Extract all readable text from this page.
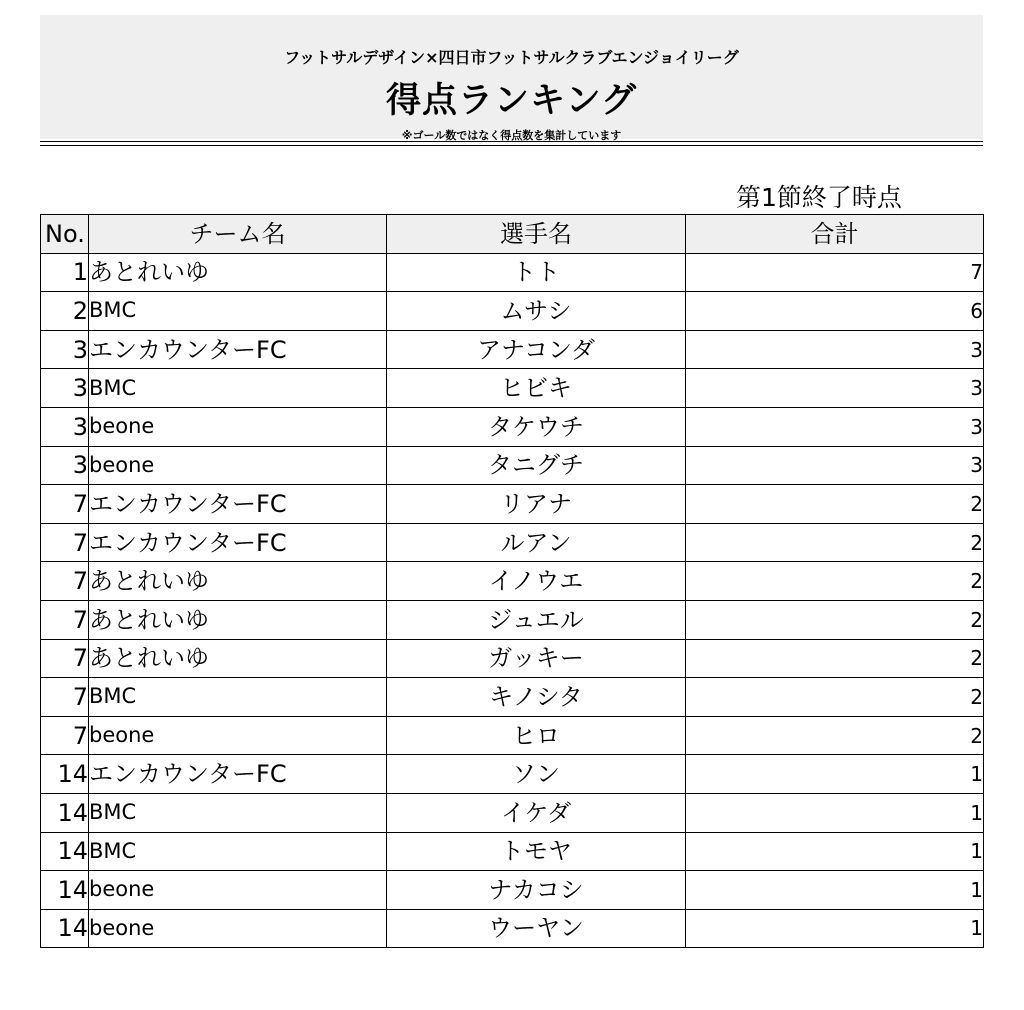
フットサルデザイン×四日市フットサルクラブエンジョイリーグ
得点ランキング
※ゴール数ではなく得点数を集計しています
第1節終了時点
No.	チーム名	選手名	合計
1	あとれいゆ	トト	7
2	BMC	ムサシ	6
3	エンカウンターFC	アナコンダ	3
3	BMC	ヒビキ	3
3	beone	タケウチ	3
3	beone	タニグチ	3
7	エンカウンターFC	リアナ	2
7	エンカウンターFC	ルアン	2
7	あとれいゆ	イノウエ	2
7	あとれいゆ	ジュエル	2
7	あとれいゆ	ガッキー	2
7	BMC	キノシタ	2
7	beone	ヒロ	2
14	エンカウンターFC	ソン	1
14	BMC	イケダ	1
14	BMC	トモヤ	1
14	beone	ナカコシ	1
14	beone	ウーヤン	1
